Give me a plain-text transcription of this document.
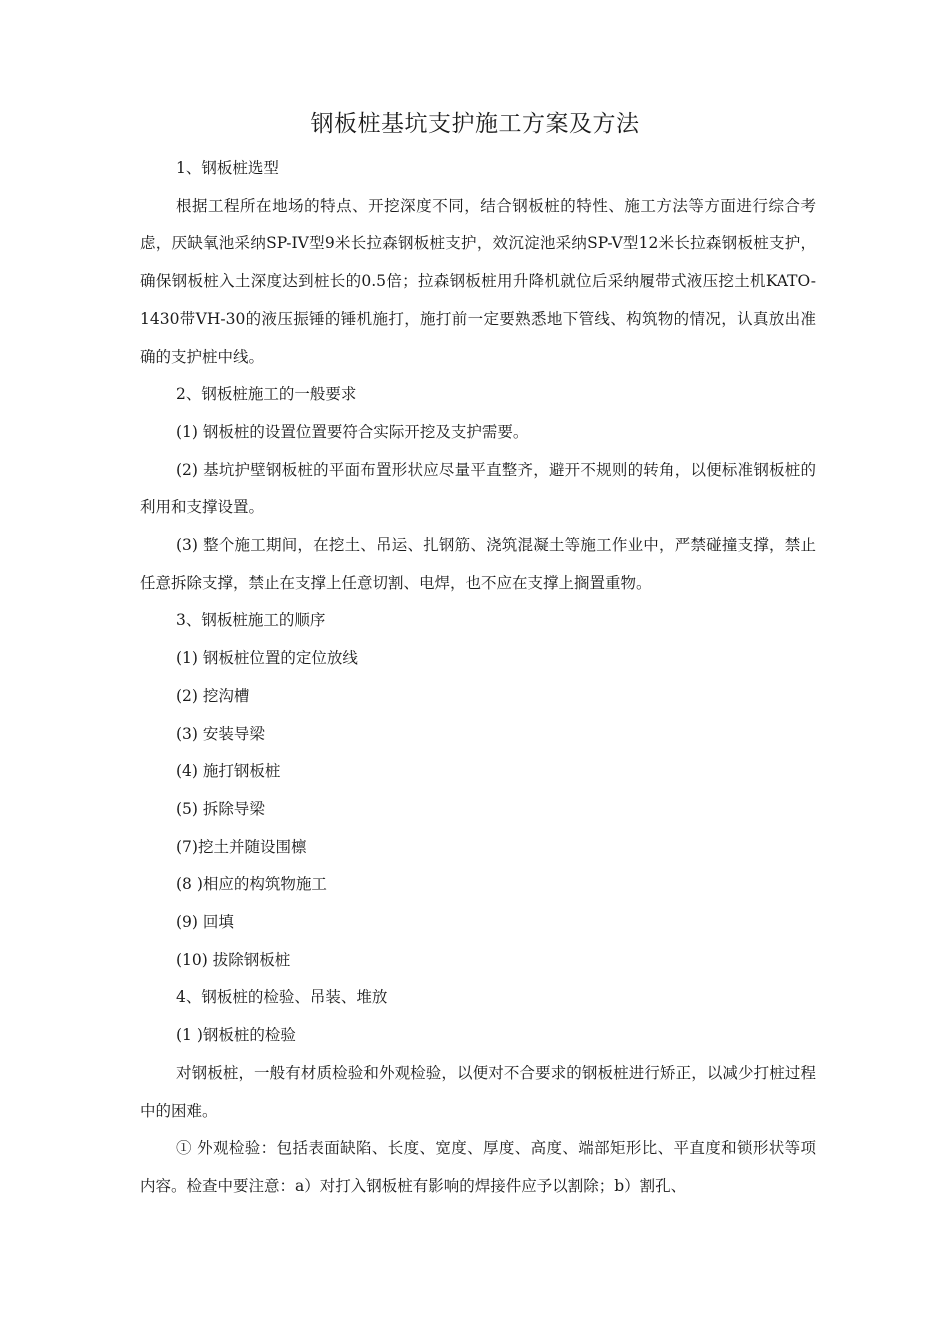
钢板桩基坑支护施工方案及方法

1、钢板桩选型

根据工程所在地场的特点、开挖深度不同，结合钢板桩的特性、施工方法等方面进行综合考虑，厌缺氧池采纳SP-IV型9米长拉森钢板桩支护，效沉淀池采纳SP-V型12米长拉森钢板桩支护，确保钢板桩入土深度达到桩长的0.5倍；拉森钢板桩用升降机就位后采纳履带式液压挖土机KATO-1430带VH-30的液压振锤的锤机施打，施打前一定要熟悉地下管线、构筑物的情况，认真放出准确的支护桩中线。

2、钢板桩施工的一般要求

(1) 钢板桩的设置位置要符合实际开挖及支护需要。

(2) 基坑护壁钢板桩的平面布置形状应尽量平直整齐，避开不规则的转角，以便标准钢板桩的利用和支撑设置。

(3) 整个施工期间，在挖土、吊运、扎钢筋、浇筑混凝土等施工作业中，严禁碰撞支撑，禁止任意拆除支撑，禁止在支撑上任意切割、电焊，也不应在支撑上搁置重物。

3、钢板桩施工的顺序

(1) 钢板桩位置的定位放线

(2) 挖沟槽

(3) 安装导梁

(4) 施打钢板桩

(5) 拆除导梁

(7)挖土并随设围檩

(8 )相应的构筑物施工

(9) 回填

(10) 拔除钢板桩

4、钢板桩的检验、吊装、堆放

(1 )钢板桩的检验

对钢板桩，一般有材质检验和外观检验，以便对不合要求的钢板桩进行矫正，以减少打桩过程中的困难。

① 外观检验：包括表面缺陷、长度、宽度、厚度、高度、端部矩形比、平直度和锁形状等项内容。检查中要注意：a）对打入钢板桩有影响的焊接件应予以割除；b）割孔、
